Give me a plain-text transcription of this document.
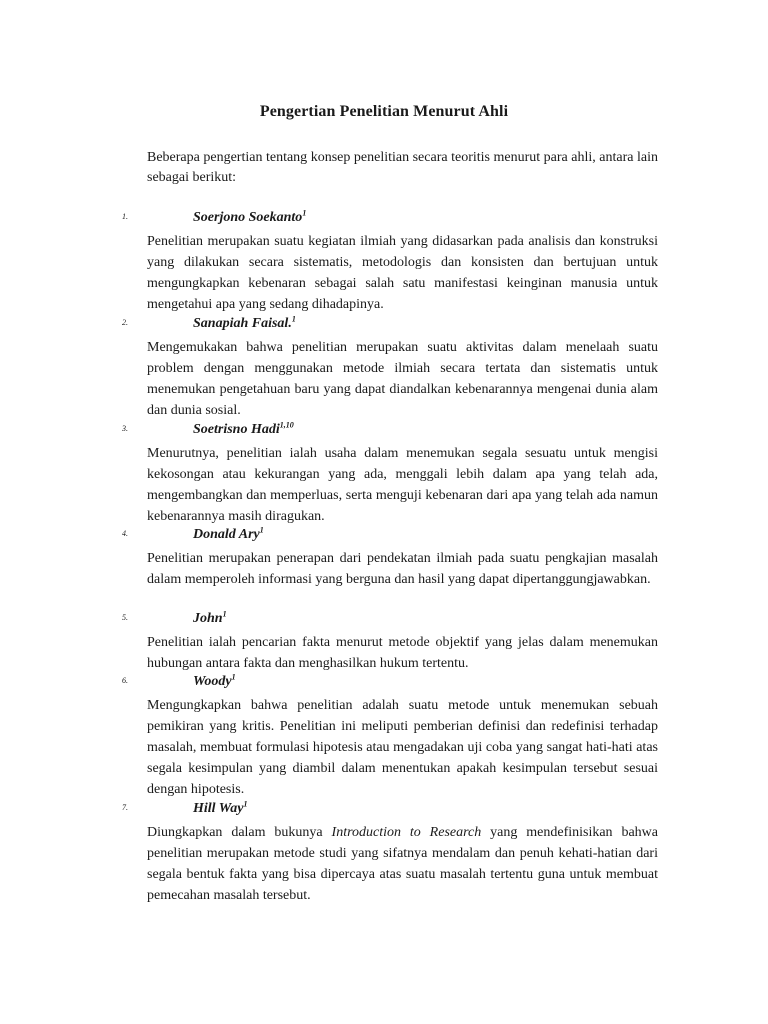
Pengertian Penelitian Menurut Ahli
Beberapa pengertian tentang konsep penelitian secara teoritis menurut para ahli, antara lain sebagai berikut:
1.	Soerjono Soekanto$^1$
Penelitian merupakan suatu kegiatan ilmiah yang didasarkan pada analisis dan konstruksi yang dilakukan secara sistematis, metodologis dan konsisten dan bertujuan untuk mengungkapkan kebenaran sebagai salah satu manifestasi keinginan manusia untuk mengetahui apa yang sedang dihadapinya.
2.	Sanapiah Faisal.$^1$
Mengemukakan bahwa penelitian merupakan suatu aktivitas dalam menelaah suatu problem dengan menggunakan metode ilmiah secara tertata dan sistematis untuk menemukan pengetahuan baru yang dapat diandalkan kebenarannya mengenai dunia alam dan dunia sosial.
3.	Soetrisno Hadi$^{1,10}$
Menurutnya, penelitian ialah usaha dalam menemukan segala sesuatu untuk mengisi kekosongan atau kekurangan yang ada, menggali lebih dalam apa yang telah ada, mengembangkan dan memperluas, serta menguji kebenaran dari apa yang telah ada namun kebenarannya masih diragukan.
4.	Donald Ary$^1$
Penelitian merupakan penerapan dari pendekatan ilmiah pada suatu pengkajian masalah dalam memperoleh informasi yang berguna dan hasil yang dapat dipertanggungjawabkan.
5.	John$^1$
Penelitian ialah pencarian fakta menurut metode objektif yang jelas dalam menemukan hubungan antara fakta dan menghasilkan hukum tertentu.
6.	Woody$^1$
Mengungkapkan bahwa penelitian adalah suatu metode untuk menemukan sebuah pemikiran yang kritis. Penelitian ini meliputi pemberian definisi dan redefinisi terhadap masalah, membuat formulasi hipotesis atau mengadakan uji coba yang sangat hati-hati atas segala kesimpulan yang diambil dalam menentukan apakah kesimpulan tersebut sesuai dengan hipotesis.
7.	Hill Way$^1$
Diungkapkan dalam bukunya Introduction to Research yang mendefinisikan bahwa penelitian merupakan metode studi yang sifatnya mendalam dan penuh kehati-hatian dari segala bentuk fakta yang bisa dipercaya atas suatu masalah tertentu guna untuk membuat pemecahan masalah tersebut.
